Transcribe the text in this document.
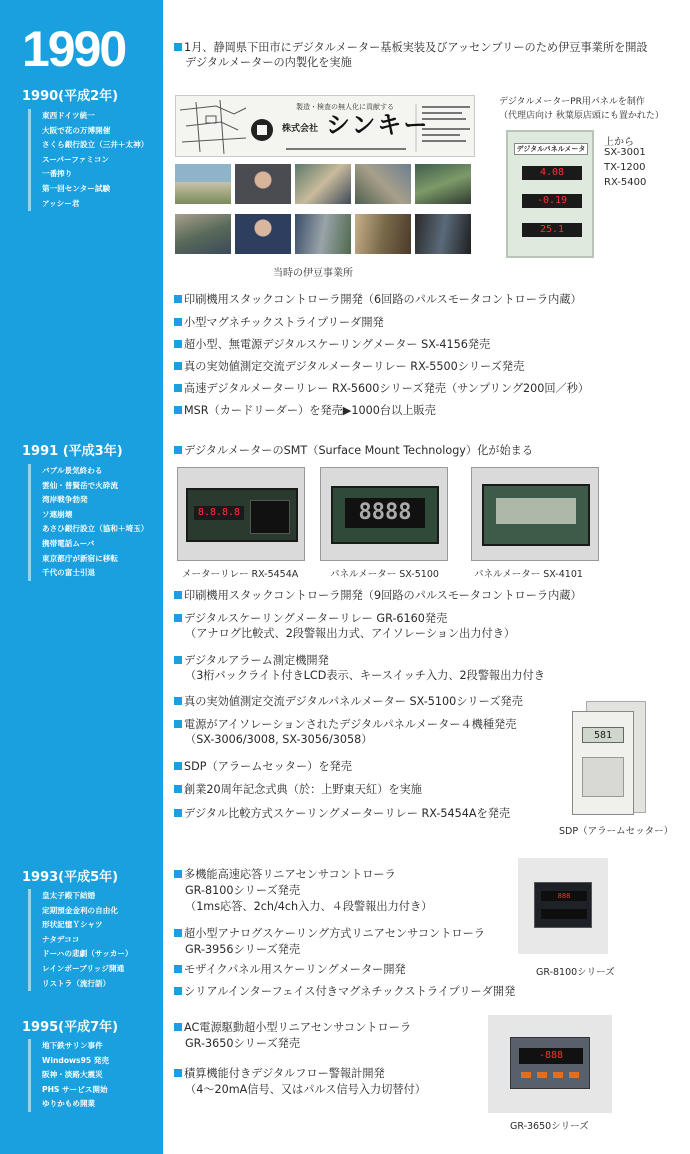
1990
1990(平成2年)
東西ドイツ統一
大阪で花の万博開催
さくら銀行設立（三井＋太神）
スーパーファミコン
一番搾り
第一回センター試験
アッシー君
1991 (平成3年)
バブル景気終わる
雲仙・普賢岳で火砕流
湾岸戦争勃発
ソ連崩壊
あさひ銀行設立（協和＋埼玉）
携帯電話ムーバ
東京都庁が新宿に移転
千代の富士引退
1993(平成5年)
皇太子殿下結婚
定期預金金利の自由化
形状記憶Ｙシャツ
ナタデココ
ドーハの悲劇（サッカー）
レインボーブリッジ開通
リストラ（流行語）
1995(平成7年)
地下鉄サリン事件
Windows95 発売
阪神・淡路大震災
PHS サービス開始
ゆりかもめ開業
1月、静岡県下田市にデジタルメーター基板実装及びアッセンブリーのため伊豆事業所を開設
デジタルメーターの内製化を実施
製造・検査の無人化に貢献する
株式会社 シンキー
当時の伊豆事業所
デジタルメーターPR用パネルを制作
（代理店向け 秋葉原店頭にも置かれた）
デジタルパネルメータ
4.08
-0.19
25.1
上から
SX-3001
TX-1200
RX-5400
印刷機用スタックコントローラ開発（6回路のパルスモータコントローラ内蔵）
小型マグネチックストライプリーダ開発
超小型、無電源デジタルスケーリングメーター SX-4156発売
真の実効値測定交流デジタルメーターリレー RX-5500シリーズ発売
高速デジタルメーターリレー RX-5600シリーズ発売（サンプリング200回／秒）
MSR（カードリーダー）を発売▶1000台以上販売
デジタルメーターのSMT（Surface Mount Technology）化が始まる
8.8.8.8	8888
メーターリレー RX-5454A	パネルメーター SX-5100	パネルメーター SX-4101
印刷機用スタックコントローラ開発（9回路のパルスモータコントローラ内蔵）
デジタルスケーリングメーターリレー GR-6160発売
（アナログ比較式、2段警報出力式、アイソレーション出力付き）
デジタルアラーム測定機開発
（3桁バックライト付きLCD表示、キースイッチ入力、2段警報出力付き
真の実効値測定交流デジタルパネルメーター SX-5100シリーズ発売
電源がアイソレーションされたデジタルパネルメーター４機種発売
（SX-3006/3008, SX-3056/3058）
SDP（アラームセッター）を発売
創業20周年記念式典（於：上野東天紅）を実施
デジタル比較方式スケーリングメーターリレー RX-5454Aを発売
581
SDP（アラームセッター）
多機能高速応答リニアセンサコントローラ
GR-8100シリーズ発売
（1ms応答、2ch/4ch入力、４段警報出力付き）
超小型アナログスケーリング方式リニアセンサコントローラ
GR-3956シリーズ発売
モザイクパネル用スケーリングメーター開発
シリアルインターフェイス付きマグネチックストライプリーダ開発
888
GR-8100シリーズ
AC電源駆動超小型リニアセンサコントローラ
GR-3650シリーズ発売
積算機能付きデジタルフロー警報計開発
（4～20mA信号、又はパルス信号入力切替付）
-888
GR-3650シリーズ
